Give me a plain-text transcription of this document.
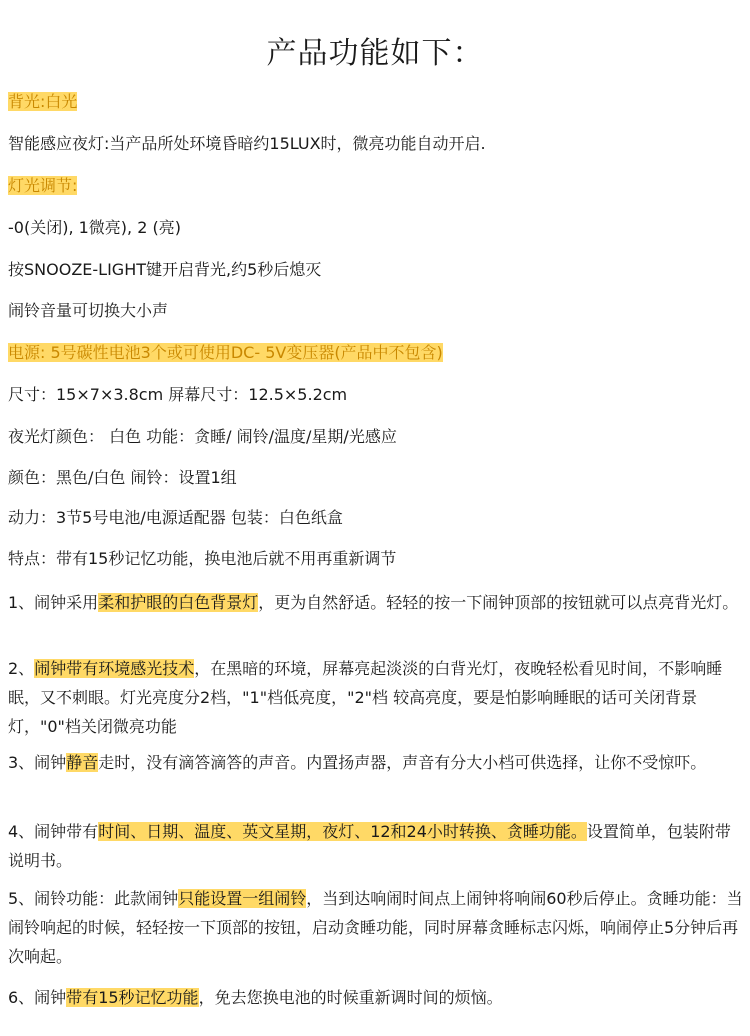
产品功能如下：
背光:白光
智能感应夜灯:当产品所处环境昏暗约15LUX时，微亮功能自动开启.
灯光调节:
-0(关闭), 1微亮), 2 (亮)
按SNOOZE-LIGHT键开启背光,约5秒后熄灭
闹铃音量可切换大小声
电源: 5号碳性电池3个或可使用DC- 5V变压器(产品中不包含)
尺寸：15×7×3.8cm 屏幕尺寸：12.5×5.2cm
夜光灯颜色： 白色 功能：贪睡/ 闹铃/温度/星期/光感应
颜色：黑色/白色 闹铃：设置1组
动力：3节5号电池/电源适配器 包装：白色纸盒
特点：带有15秒记忆功能，换电池后就不用再重新调节
1、闹钟采用柔和护眼的白色背景灯，更为自然舒适。轻轻的按一下闹钟顶部的按钮就可以点亮背光灯。
2、闹钟带有环境感光技术，在黑暗的环境，屏幕亮起淡淡的白背光灯，夜晚轻松看见时间，不影响睡眠，又不刺眼。灯光亮度分2档，"1"档低亮度，"2"档 较高亮度，要是怕影响睡眠的话可关闭背景灯，"0"档关闭微亮功能
3、闹钟静音走时，没有滴答滴答的声音。内置扬声器，声音有分大小档可供选择，让你不受惊吓。
4、闹钟带有时间、日期、温度、英文星期，夜灯、12和24小时转换、贪睡功能。设置简单，包装附带说明书。
5、闹铃功能：此款闹钟只能设置一组闹铃，当到达响闹时间点上闹钟将响闹60秒后停止。贪睡功能：当闹铃响起的时候，轻轻按一下顶部的按钮，启动贪睡功能，同时屏幕贪睡标志闪烁，响闹停止5分钟后再次响起。
6、闹钟带有15秒记忆功能，免去您换电池的时候重新调时间的烦恼。
